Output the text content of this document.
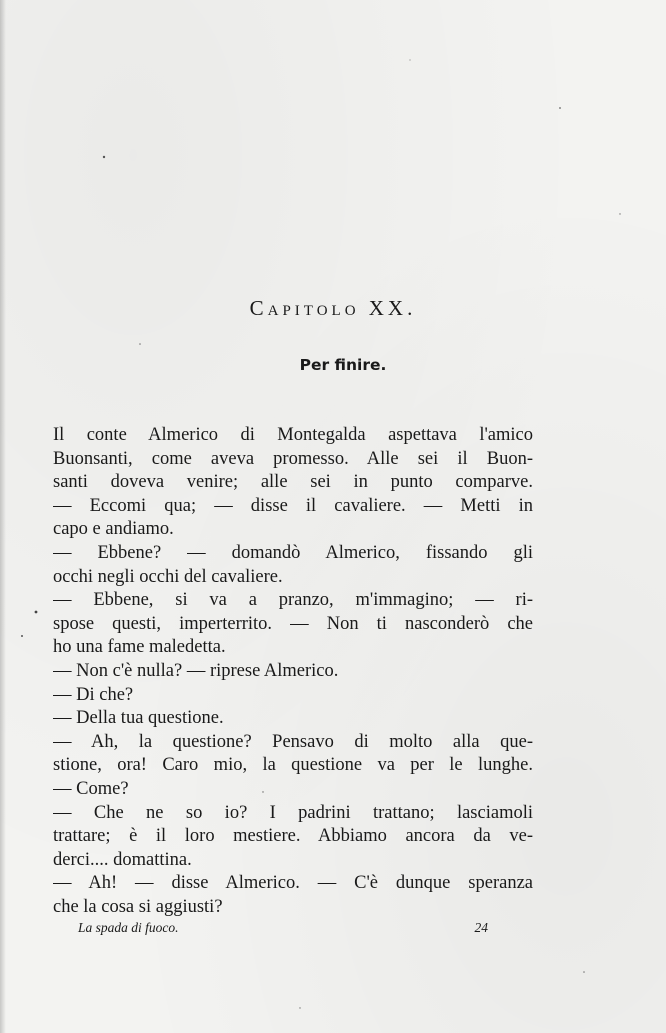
Capitolo XX.
Per finire.
Il conte Almerico di Montegalda aspettava l'amico
Buonsanti, come aveva promesso. Alle sei il Buon-
santi doveva venire; alle sei in punto comparve.
— Eccomi qua; — disse il cavaliere. — Metti in
capo e andiamo.
— Ebbene? — domandò Almerico, fissando gli
occhi negli occhi del cavaliere.
— Ebbene, si va a pranzo, m'immagino; — ri-
spose questi, imperterrito. — Non ti nasconderò che
ho una fame maledetta.
— Non c'è nulla? — riprese Almerico.
— Di che?
— Della tua questione.
— Ah, la questione? Pensavo di molto alla que-
stione, ora! Caro mio, la questione va per le lunghe.
— Come?
— Che ne so io? I padrini trattano; lasciamoli
trattare; è il loro mestiere. Abbiamo ancora da ve-
derci.... domattina.
— Ah! — disse Almerico. — C'è dunque speranza
che la cosa si aggiusti?
La spada di fuoco.	24
